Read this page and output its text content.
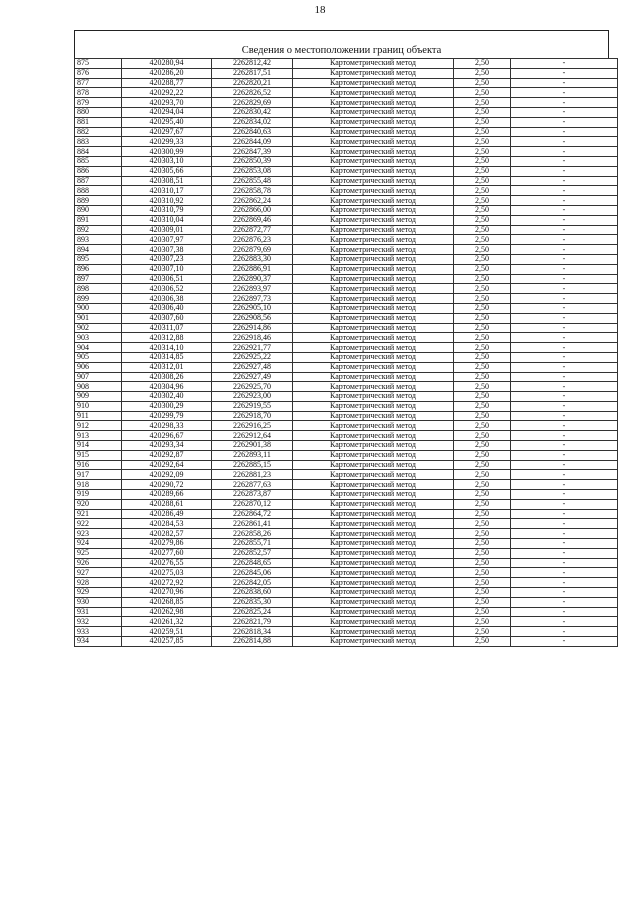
18
Сведения о местоположении границ объекта
875	420280,94	2262812,42	Картометрический метод	2,50	-
876	420286,20	2262817,51	Картометрический метод	2,50	-
877	420288,77	2262820,21	Картометрический метод	2,50	-
878	420292,22	2262826,52	Картометрический метод	2,50	-
879	420293,70	2262829,69	Картометрический метод	2,50	-
880	420294,04	2262830,42	Картометрический метод	2,50	-
881	420295,40	2262834,02	Картометрический метод	2,50	-
882	420297,67	2262840,63	Картометрический метод	2,50	-
883	420299,33	2262844,09	Картометрический метод	2,50	-
884	420300,99	2262847,39	Картометрический метод	2,50	-
885	420303,10	2262850,39	Картометрический метод	2,50	-
886	420305,66	2262853,08	Картометрический метод	2,50	-
887	420308,51	2262855,48	Картометрический метод	2,50	-
888	420310,17	2262858,78	Картометрический метод	2,50	-
889	420310,92	2262862,24	Картометрический метод	2,50	-
890	420310,79	2262866,00	Картометрический метод	2,50	-
891	420310,04	2262869,46	Картометрический метод	2,50	-
892	420309,01	2262872,77	Картометрический метод	2,50	-
893	420307,97	2262876,23	Картометрический метод	2,50	-
894	420307,38	2262879,69	Картометрический метод	2,50	-
895	420307,23	2262883,30	Картометрический метод	2,50	-
896	420307,10	2262886,91	Картометрический метод	2,50	-
897	420306,51	2262890,37	Картометрический метод	2,50	-
898	420306,52	2262893,97	Картометрический метод	2,50	-
899	420306,38	2262897,73	Картометрический метод	2,50	-
900	420306,40	2262905,10	Картометрический метод	2,50	-
901	420307,60	2262908,56	Картометрический метод	2,50	-
902	420311,07	2262914,86	Картометрический метод	2,50	-
903	420312,88	2262918,46	Картометрический метод	2,50	-
904	420314,10	2262921,77	Картометрический метод	2,50	-
905	420314,85	2262925,22	Картометрический метод	2,50	-
906	420312,01	2262927,48	Картометрический метод	2,50	-
907	420308,26	2262927,49	Картометрический метод	2,50	-
908	420304,96	2262925,70	Картометрический метод	2,50	-
909	420302,40	2262923,00	Картометрический метод	2,50	-
910	420300,29	2262919,55	Картометрический метод	2,50	-
911	420299,79	2262918,70	Картометрический метод	2,50	-
912	420298,33	2262916,25	Картометрический метод	2,50	-
913	420296,67	2262912,64	Картометрический метод	2,50	-
914	420293,34	2262901,38	Картометрический метод	2,50	-
915	420292,87	2262893,11	Картометрический метод	2,50	-
916	420292,64	2262885,15	Картометрический метод	2,50	-
917	420292,09	2262881,23	Картометрический метод	2,50	-
918	420290,72	2262877,63	Картометрический метод	2,50	-
919	420289,66	2262873,87	Картометрический метод	2,50	-
920	420288,61	2262870,12	Картометрический метод	2,50	-
921	420286,49	2262864,72	Картометрический метод	2,50	-
922	420284,53	2262861,41	Картометрический метод	2,50	-
923	420282,57	2262858,26	Картометрический метод	2,50	-
924	420279,86	2262855,71	Картометрический метод	2,50	-
925	420277,60	2262852,57	Картометрический метод	2,50	-
926	420276,55	2262848,65	Картометрический метод	2,50	-
927	420275,03	2262845,06	Картометрический метод	2,50	-
928	420272,92	2262842,05	Картометрический метод	2,50	-
929	420270,96	2262838,60	Картометрический метод	2,50	-
930	420268,85	2262835,30	Картометрический метод	2,50	-
931	420262,98	2262825,24	Картометрический метод	2,50	-
932	420261,32	2262821,79	Картометрический метод	2,50	-
933	420259,51	2262818,34	Картометрический метод	2,50	-
934	420257,85	2262814,88	Картометрический метод	2,50	-
